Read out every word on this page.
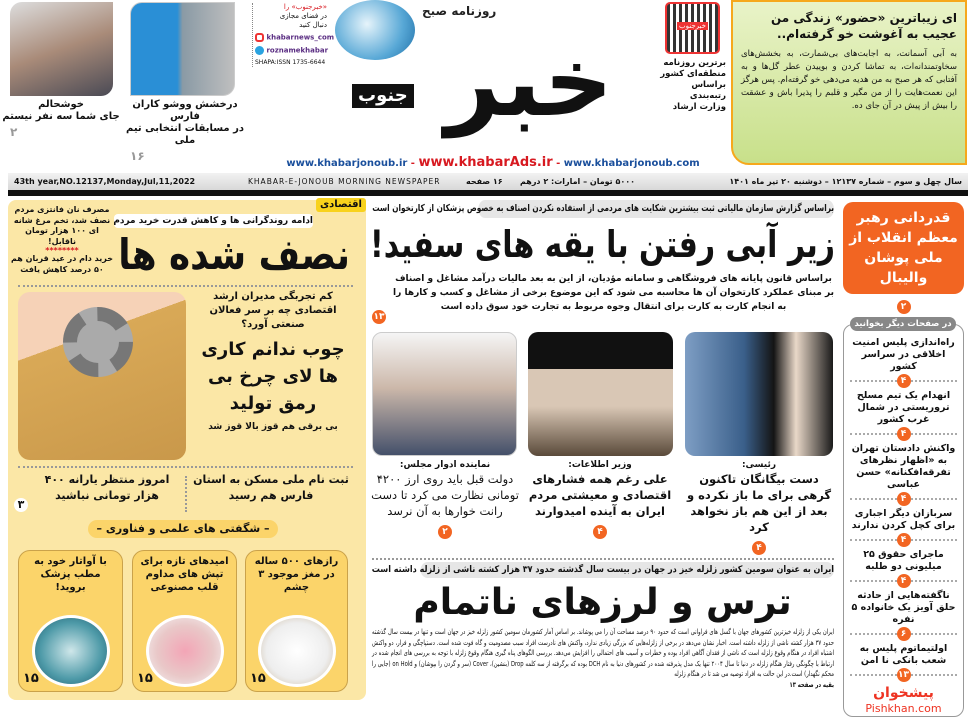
خوشحالم
جای شما سه نفر نیستم
۲
درخشش ووشو کاران فارس
در مسابقات انتخابی تیم ملی
۱۶
«خبرجنوب» را
در فضای مجازی
دنبال کنید
khabarnews_com
roznamekhabar
SHAPA:ISSN 1735-6644
روزنامه صبح
خبر
جنوب
خبرجنوب
برترین روزنامه
منطقه‌ای کشور
براساس
رتبه‌بندی
وزارت ارشاد
ای زیباترین «حضور» زندگی من
عجیب به آغوشت خو گرفته‌ام..
به آبی آسمانت، به اجابت‌های بی‌شمارت، به بخشش‌های سخاوتمندانه‌ات، به تماشا کردن و بوییدن عطر گل‌ها و به آفتابی که هر صبح به من هدیه می‌دهی خو گرفته‌ام. پس هرگز این نعمت‌هایت را از من مگیر و قلبم را پذیرا باش و عشقت را بیش از پیش در آن جای ده.
www.khabarjonoub.ir - www.khabarAds.ir - www.khabarjonoub.com
43th year,NO.12137,Monday,Jul,11,2022	KHABAR-E-JONOUB MORNING NEWSPAPER	۱۶ صفحه ۵۰۰۰ تومان – امارات: ۲ درهم	سال چهل و سوم – شماره ۱۲۱۳۷ – دوشنبه ۲۰ تیر ماه ۱۴۰۱
اقتصادی
ادامه روندگرانی ها و کاهش قدرت خرید مردم
نصف شده ها
مصرف نان فانتزی مردم نصف شد، تخم مرغ شانه ای ۱۰۰ هزار تومان ناقابل!
********
خرید دام در عید قربان هم ۵۰ درصد کاهش یافت
کم تجربگی مدیران ارشد اقتصادی چه بر سر فعالان صنعتی آورد؟
چوب ندانم کاری ها لای چرخ بی رمق تولید
بی برقی هم قوز بالا قوز شد
ثبت نام ملی مسکن به استان فارس هم رسید
امروز منتظر یارانه ۴۰۰ هزار تومانی نباشید
۳
– شگفتی های علمی و فناوری –
رازهای ۵۰۰ ساله در مغز موجود ۳ چشم
۱۵
امیدهای تازه برای تپش های مداوم قلب مصنوعی
۱۵
با آواتار خود به مطب پزشک بروید!
۱۵
براساس گزارش سازمان مالیاتی ثبت بیشترین شکایت های مردمی از استفاده نکردن اصناف به خصوص پزشکان از کارتخوان است
زیر آبی رفتن با یقه های سفید!
براساس قانون پایانه های فروشگاهی و سامانه مؤدیان، از این به بعد مالیات درآمد مشاغل و اصناف بر مبنای عملکرد کارتخوان آن ها محاسبه می شود که این موضوع برخی از مشاغل و کسب و کارها را به انجام کارت به کارت برای انتقال وجوه مربوط به تجارت خود سوق داده است
۱۳
رئیسی:
دست بیگانگان تاکنون گرهی برای ما باز نکرده و بعد از این هم باز نخواهد کرد
۴
وزیر اطلاعات:
علی رغم همه فشارهای اقتصادی و معیشتی مردم ایران به آینده امیدوارند
۴
نماینده ادوار مجلس:
دولت قبل باید روی ارز ۴۲۰۰ تومانی نظارت می کرد تا دست رانت خوارها به آن نرسد
۲
ایران به عنوان سومین کشور زلزله خیز در جهان در بیست سال گذشته حدود ۳۷ هزار کشته ناشی از زلزله داشته است
ترس و لرزهای ناتمام
ایران یکی از زلزله خیزترین کشورهای جهان با گسل های فراوانی است که حدود ۹۰ درصد مساحت آن را می پوشاند. بر اساس آمار کشورمان سومین کشور زلزله خیز در جهان است و تنها در بیست سال گذشته حدود ۳۷ هزار کشته ناشی از زلزله داشته است. اخبار نشان می‌دهد در برخی از زلزله‌هایی که بزرگی زیادی ندارد، واکنش های نادرست افراد سبب مصدومیت و گاه فوت شده است. دستپاچگی و فرار، دو واکنش اشتباه افراد در هنگام وقوع زلزله است که ناشی از فقدان آگاهی افراد بوده و خطرات و آسیب های احتمالی را افزایش می‌دهد. بررسی الگوهای پناه گیری هنگام وقوع زلزله با توجه به بررسی های انجام شده در ارتباط با چگونگی رفتار هنگام زلزله در دنیا تا سال ۲۰۰۴ تنها یک مدل پذیرفته شده در کشورهای دنیا به نام DCH بوده که برگرفته از سه کلمه Drop (بنشین)، Cover (سر و گردن را بپوشان) و on Hold (جایی را محکم نگهدار) است.در این حالت به افراد توصیه می شد تا در هنگام زلزله
بقیه در صفحه ۱۳
قدردانی رهبر معظم انقلاب از ملی پوشان والیبال
۲
در صفحات دیگر بخوانید
راه‌اندازی پلیس امنیت اخلاقی در سراسر کشور
۴
انهدام یک تیم مسلح تروریستی در شمال غرب کشور
۴
واکنش دادستان تهران به «اظهار نظرهای تفرقه‌افکنانه» حسن عباسی
۴
سربازان دیگر اجباری برای کچل کردن ندارند
۴
ماجرای حقوق ۲۵ میلیونی دو طلبه
۴
ناگفته‌هایی از حادثه حلق آویز یک خانواده ۵ نفره
۶
اولتیماتوم پلیس به شعب بانکی نا امن
۱۳
پیشخوان
Pishkhan.com
